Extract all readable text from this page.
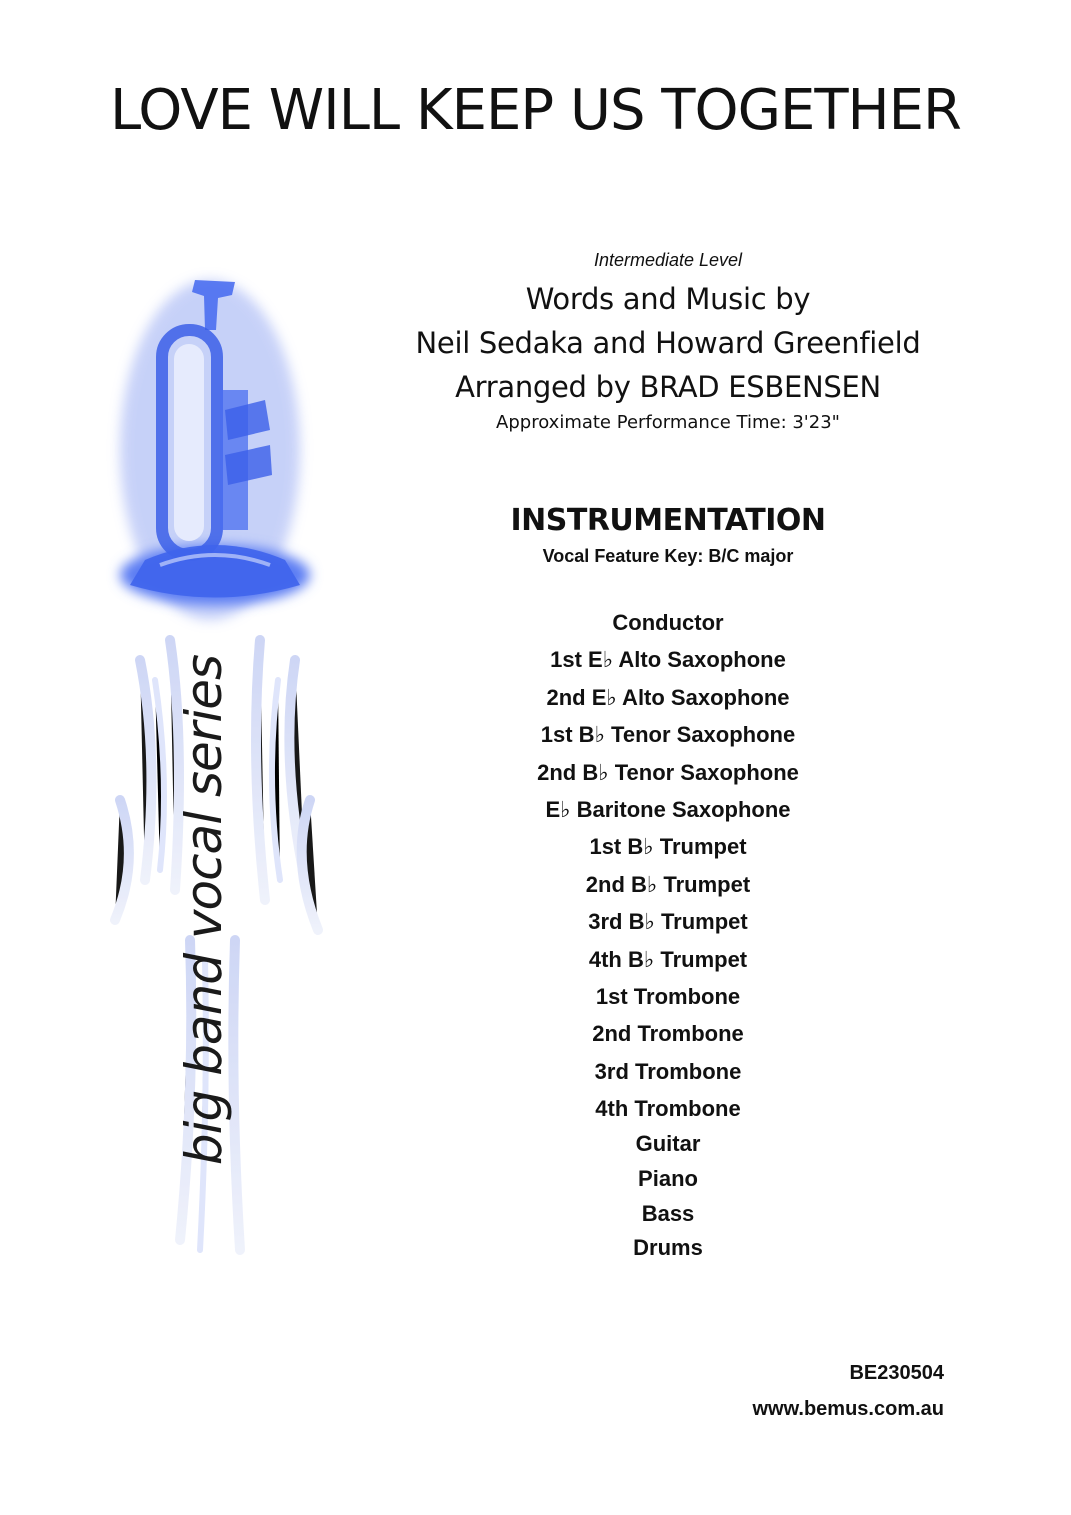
LOVE WILL KEEP US TOGETHER
big band vocal series
Intermediate Level
Words and Music by
Neil Sedaka and Howard Greenfield
Arranged by BRAD ESBENSEN
Approximate Performance Time: 3'23"
INSTRUMENTATION
Vocal Feature Key: B/C major
Conductor
1st E♭ Alto Saxophone
2nd E♭ Alto Saxophone
1st B♭ Tenor Saxophone
2nd B♭ Tenor Saxophone
E♭ Baritone Saxophone
1st B♭ Trumpet
2nd B♭ Trumpet
3rd B♭ Trumpet
4th B♭ Trumpet
1st Trombone
2nd Trombone
3rd Trombone
4th Trombone
Guitar
Piano
Bass
Drums
BE230504
www.bemus.com.au
